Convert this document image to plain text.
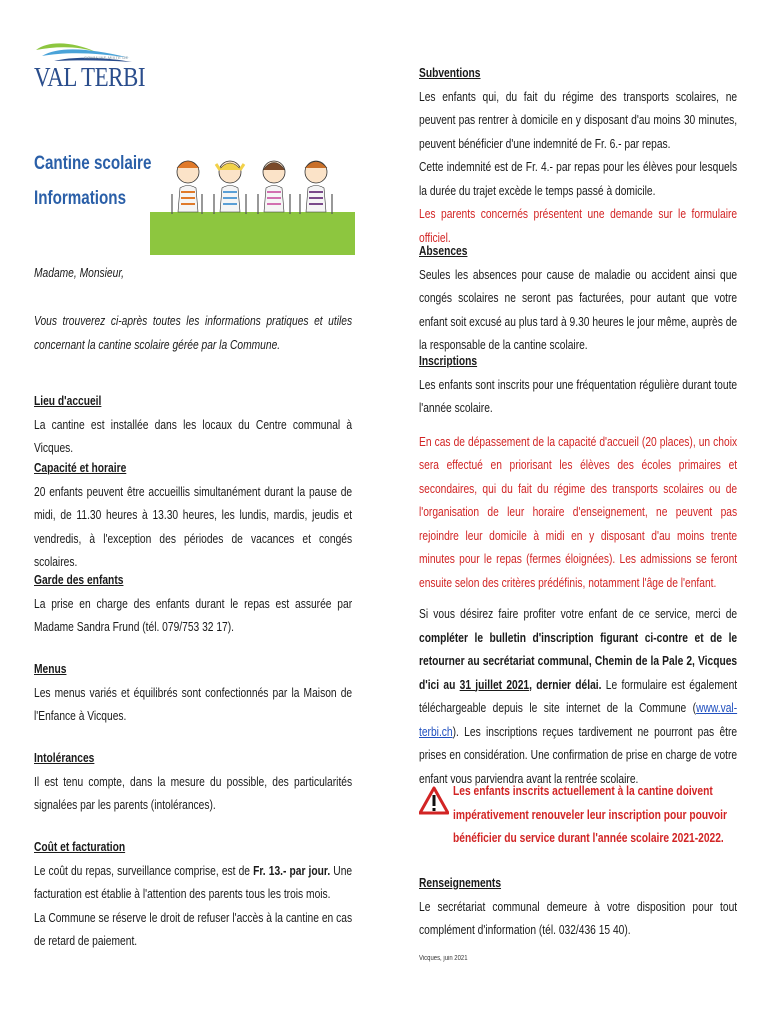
COMMUNE MIXTE DE
VAL TERBI
Cantine scolaire
Informations
Madame, Monsieur,
Vous trouverez ci-après toutes les informations pratiques et utiles concernant la cantine scolaire gérée par la Commune.
Lieu d'accueil
La cantine est installée dans les locaux du Centre communal à Vicques.
Capacité et horaire
20 enfants peuvent être accueillis simultanément durant la pause de midi, de 11.30 heures à 13.30 heures, les lundis, mardis, jeudis et vendredis, à l'exception des périodes de vacances et congés scolaires.
Garde des enfants
La prise en charge des enfants durant le repas est assurée par Madame Sandra Frund (tél. 079/753 32 17).
Menus
Les menus variés et équilibrés sont confectionnés par la Maison de l'Enfance à Vicques.
Intolérances
Il est tenu compte, dans la mesure du possible, des particularités signalées par les parents (intolérances).
Coût et facturation
Le coût du repas, surveillance comprise, est de Fr. 13.- par jour. Une facturation est établie à l'attention des parents tous les trois mois.
La Commune se réserve le droit de refuser l'accès à la cantine en cas de retard de paiement.
Subventions
Les enfants qui, du fait du régime des transports scolaires, ne peuvent pas rentrer à domicile en y disposant d'au moins 30 minutes, peuvent bénéficier d'une indemnité de Fr. 6.- par repas.
Cette indemnité est de Fr. 4.- par repas pour les élèves pour lesquels la durée du trajet excède le temps passé à domicile.
Les parents concernés présentent une demande sur le formulaire officiel.
Absences
Seules les absences pour cause de maladie ou accident ainsi que congés scolaires ne seront pas facturées, pour autant que votre enfant soit excusé au plus tard à 9.30 heures le jour même, auprès de la responsable de la cantine scolaire.
Inscriptions
Les enfants sont inscrits pour une fréquentation régulière durant toute l'année scolaire.
En cas de dépassement de la capacité d'accueil (20 places), un choix sera effectué en priorisant les élèves des écoles primaires et secondaires, qui du fait du régime des transports scolaires ou de l'organisation de leur horaire d'enseignement, ne peuvent pas rejoindre leur domicile à midi en y disposant d'au moins trente minutes pour le repas (fermes éloignées). Les admissions se feront ensuite selon des critères prédéfinis, notamment l'âge de l'enfant.
Si vous désirez faire profiter votre enfant de ce service, merci de compléter le bulletin d'inscription figurant ci-contre et de le retourner au secrétariat communal, Chemin de la Pale 2, Vicques d'ici au 31 juillet 2021, dernier délai. Le formulaire est également téléchargeable depuis le site internet de la Commune (www.val-terbi.ch). Les inscriptions reçues tardivement ne pourront pas être prises en considération. Une confirmation de prise en charge de votre enfant vous parviendra avant la rentrée scolaire.
Les enfants inscrits actuellement à la cantine doivent impérativement renouveler leur inscription pour pouvoir bénéficier du service durant l'année scolaire 2021-2022.
Renseignements
Le secrétariat communal demeure à votre disposition pour tout complément d'information (tél. 032/436 15 40).
Vicques, juin 2021
